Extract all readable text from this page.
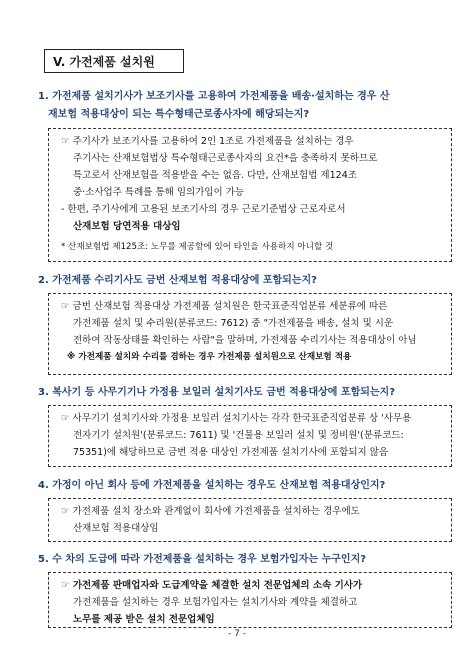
V. 가전제품 설치원
1. 가전제품 설치기사가 보조기사를 고용하여 가전제품을 배송·설치하는 경우 산
재보험 적용대상이 되는 특수형태근로종사자에 해당되는지?
☞ 주기사가 보조기사를 고용하여 2인 1조로 가전제품을 설치하는 경우
주기사는 산재보험법상 특수형태근로종사자의 요건*을 충족하지 못하므로
특고로서 산재보험을 적용받을 수는 없음. 다만, 산재보험법 제124조
중·소사업주 특례를 통해 임의가입이 가능
- 한편, 주기사에게 고용된 보조기사의 경우 근로기준법상 근로자로서
산재보험 당연적용 대상임
* 산재보험법 제125조: 노무를 제공함에 있어 타인을 사용하지 아니할 것
2. 가전제품 수리기사도 금번 산재보험 적용대상에 포함되는지?
☞ 금번 산재보험 적용대상 가전제품 설치원은 한국표준직업분류 세분류에 따른
가전제품 설치 및 수리원(분류코드: 7612) 중 "가전제품을 배송, 설치 및 시운
전하여 작동상태를 확인하는 사람"을 말하며, 가전제품 수리기사는 적용대상이 아님
※ 가전제품 설치와 수리를 겸하는 경우 가전제품 설치원으로 산재보험 적용
3. 복사기 등 사무기기나 가정용 보일러 설치기사도 금번 적용대상에 포함되는지?
☞ 사무기기 설치기사와 가정용 보일러 설치기사는 각각 한국표준직업분류 상 '사무용
전자기기 설치원'(분류코드: 7611) 및 '건물용 보일러 설치 및 정비원'(분류코드:
75351)에 해당하므로 금번 적용 대상인 가전제품 설치기사에 포함되지 않음
4. 가정이 아닌 회사 등에 가전제품을 설치하는 경우도 산재보험 적용대상인지?
☞ 가전제품 설치 장소와 관계없이 회사에 가전제품을 설치하는 경우에도
산재보험 적용대상임
5. 수 차의 도급에 따라 가전제품을 설치하는 경우 보험가입자는 누구인지?
☞ 가전제품 판매업자와 도급계약을 체결한 설치 전문업체의 소속 기사가
가전제품을 설치하는 경우 보험가입자는 설치기사와 계약을 체결하고
노무를 제공 받은 설치 전문업체임
- 7 -
